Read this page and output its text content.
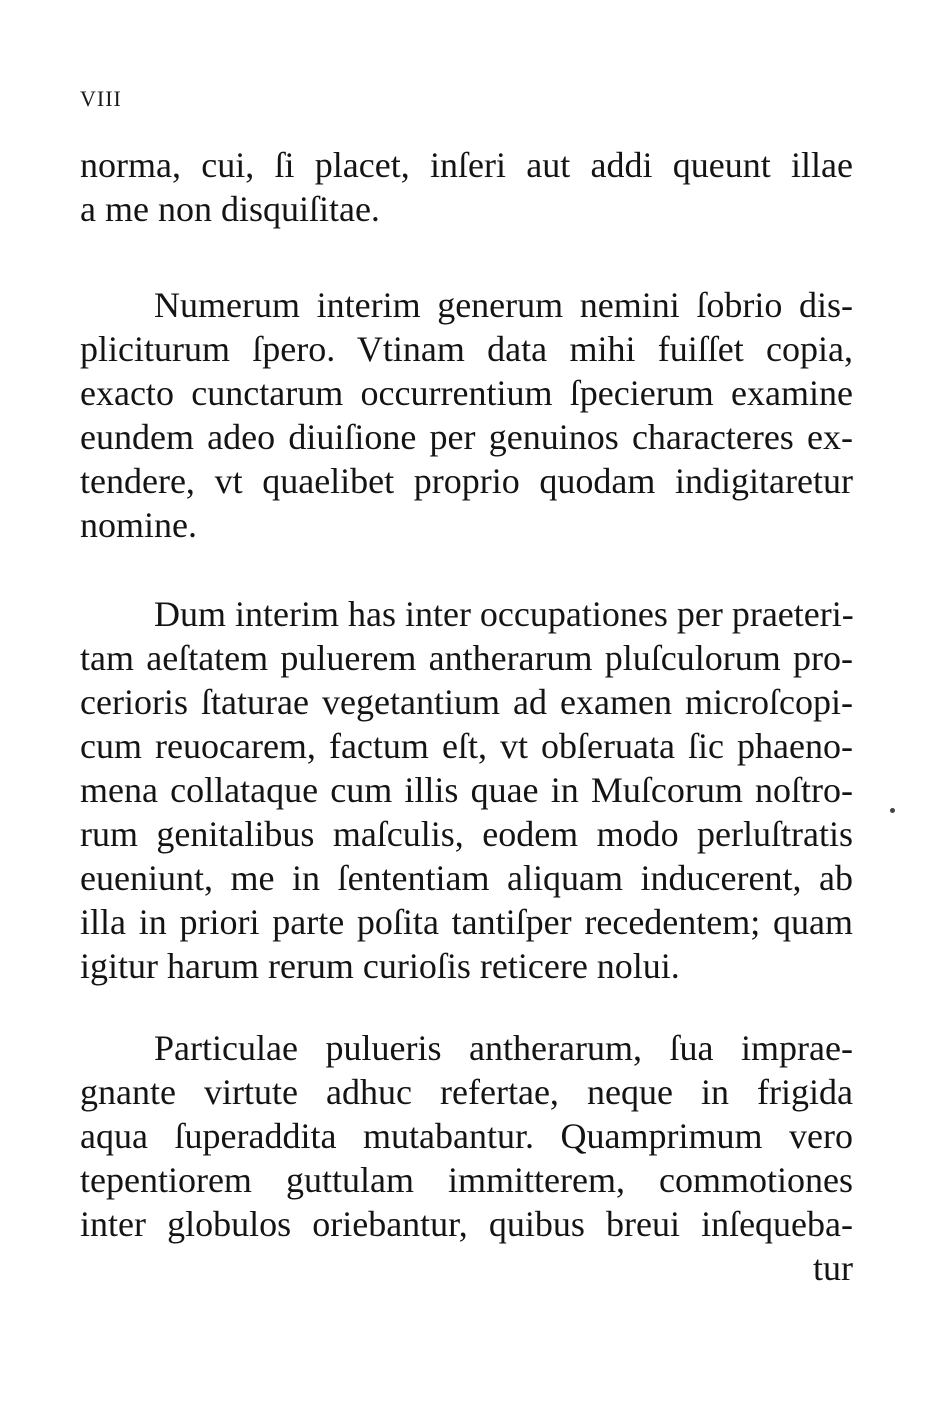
VIII
norma, cui, ſi placet, inſeri aut addi queunt illae
a me non disquiſitae.
Numerum interim generum nemini ſobrio dis-
pliciturum ſpero. Vtinam data mihi fuiſſet copia,
exacto cunctarum occurrentium ſpecierum examine
eundem adeo diuiſione per genuinos characteres ex-
tendere, vt quaelibet proprio quodam indigitaretur
nomine.
Dum interim has inter occupationes per praeteri-
tam aeſtatem puluerem antherarum pluſculorum pro-
cerioris ſtaturae vegetantium ad examen microſcopi-
cum reuocarem, factum eſt, vt obſeruata ſic phaeno-
mena collataque cum illis quae in Muſcorum noſtro-
rum genitalibus maſculis, eodem modo perluſtratis
eueniunt, me in ſententiam aliquam inducerent, ab
illa in priori parte poſita tantiſper recedentem; quam
igitur harum rerum curioſis reticere nolui.
Particulae pulueris antherarum, ſua impraе-
gnante virtute adhuc refertae, neque in frigida
aqua ſuperaddita mutabantur. Quamprimum vero
tepentiorem guttulam immitterem, commotiones
inter globulos oriebantur, quibus breui inſequeba-
tur
